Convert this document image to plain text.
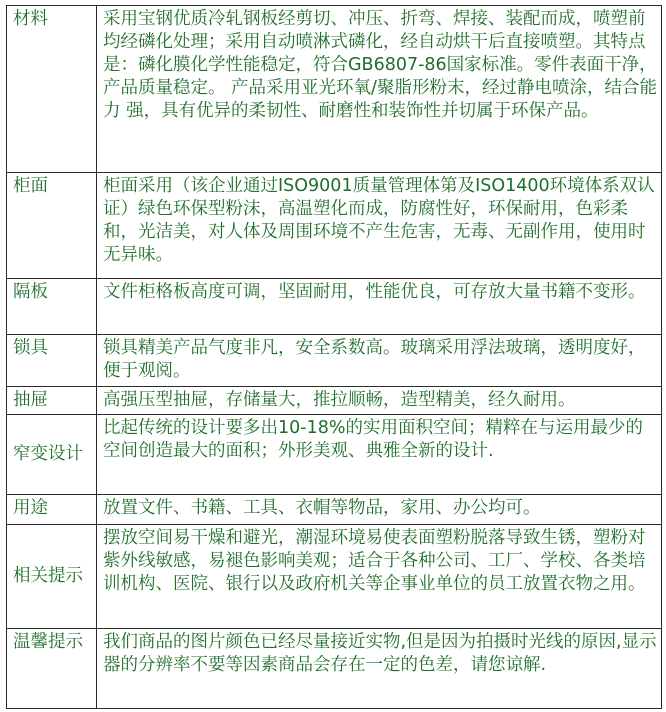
材料	采用宝钢优质冷轧钢板经剪切、冲压、折弯、焊接、装配而成，喷塑前均经磷化处理；采用自动喷淋式磷化，经自动烘干后直接喷塑。其特点是：磷化膜化学性能稳定，符合GB6807-86国家标准。零件表面干净，产品质量稳定。 产品采用亚光环氧/聚脂形粉末，经过静电喷涂，结合能力 强，具有优异的柔韧性、耐磨性和装饰性并切属于环保产品。
柜面	柜面采用（该企业通过ISO9001质量管理体第及ISO1400环境体系双认证）绿色环保型粉沫，高温塑化而成，防腐性好，环保耐用，色彩柔和，光洁美，对人体及周围环境不产生危害，无毒、无副作用，使用时无异味。
隔板	文件柜格板高度可调，坚固耐用，性能优良，可存放大量书籍不变形。
锁具	锁具精美产品气度非凡，安全系数高。玻璃采用浮法玻璃，透明度好，便于观阅。
抽屉	高强压型抽屉，存储量大，推拉顺畅，造型精美，经久耐用。
窄变设计	比起传统的设计要多出10-18%的实用面积空间；精粹在与运用最少的空间创造最大的面积；外形美观、典雅全新的设计.
用途	放置文件、书籍、工具、衣帽等物品，家用、办公均可。
相关提示	摆放空间易干燥和避光，潮湿环境易使表面塑粉脱落导致生锈，塑粉对紫外线敏感，易褪色影响美观；适合于各种公司、工厂、学校、各类培训机构、医院、银行以及政府机关等企事业单位的员工放置衣物之用。
温馨提示	我们商品的图片颜色已经尽量接近实物,但是因为拍摄时光线的原因,显示器的分辨率不要等因素商品会存在一定的色差，请您谅解.
